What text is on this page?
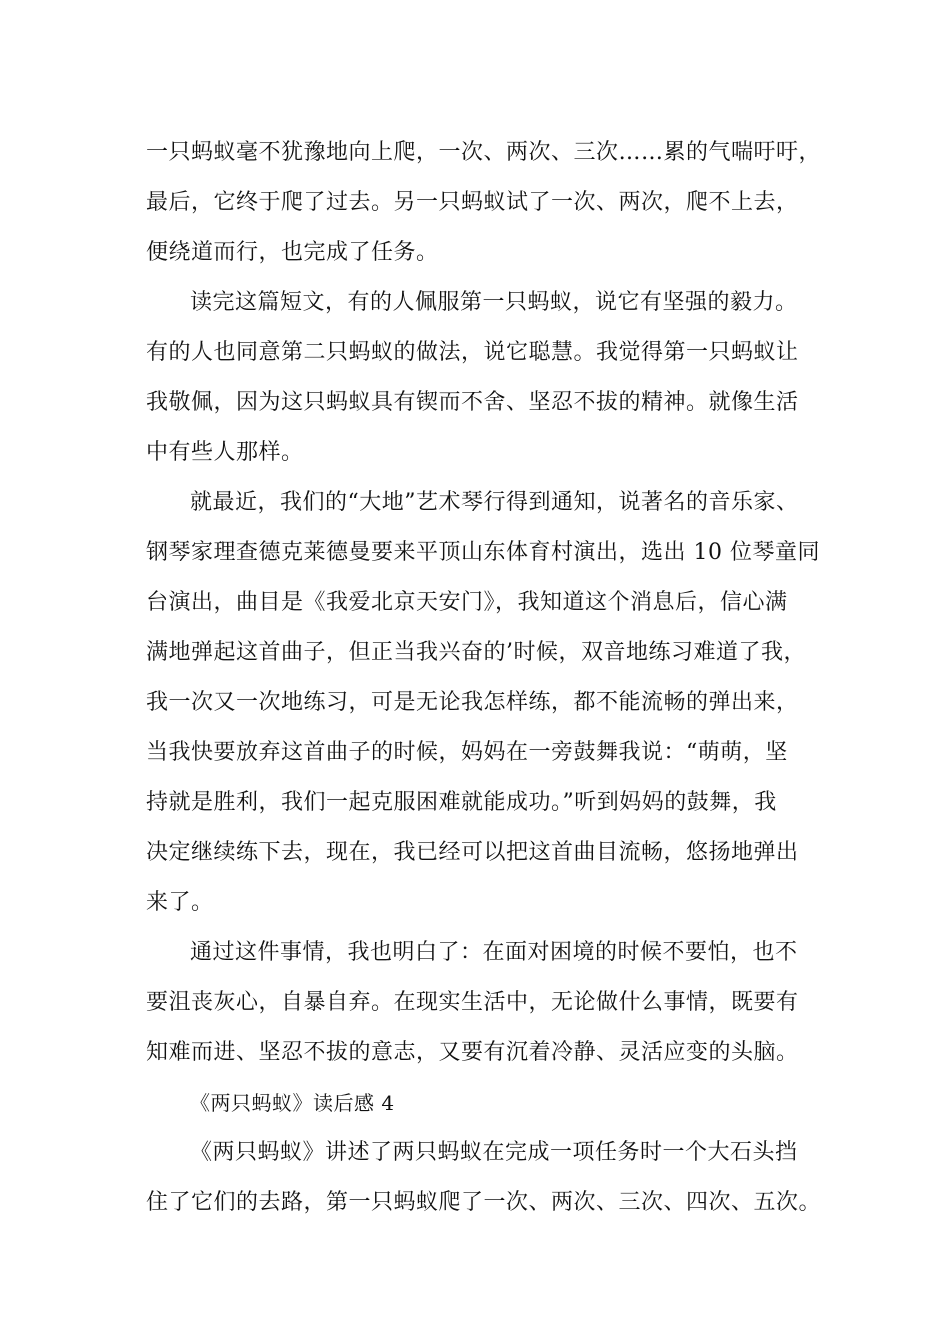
一只蚂蚁毫不犹豫地向上爬，一次、两次、三次……累的气喘吁吁，
最后，它终于爬了过去。另一只蚂蚁试了一次、两次，爬不上去，
便绕道而行，也完成了任务。
读完这篇短文，有的人佩服第一只蚂蚁，说它有坚强的毅力。
有的人也同意第二只蚂蚁的做法，说它聪慧。我觉得第一只蚂蚁让
我敬佩，因为这只蚂蚁具有锲而不舍、坚忍不拔的精神。就像生活
中有些人那样。
就最近，我们的“大地”艺术琴行得到通知，说著名的音乐家、
钢琴家理查德克莱德曼要来平顶山东体育村演出，选出 10 位琴童同
台演出，曲目是《我爱北京天安门》，我知道这个消息后，信心满
满地弹起这首曲子，但正当我兴奋的’时候，双音地练习难道了我，
我一次又一次地练习，可是无论我怎样练，都不能流畅的弹出来，
当我快要放弃这首曲子的时候，妈妈在一旁鼓舞我说：“萌萌，坚
持就是胜利，我们一起克服困难就能成功。”听到妈妈的鼓舞，我
决定继续练下去，现在，我已经可以把这首曲目流畅，悠扬地弹出
来了。
通过这件事情，我也明白了：在面对困境的时候不要怕，也不
要沮丧灰心，自暴自弃。在现实生活中，无论做什么事情，既要有
知难而进、坚忍不拔的意志，又要有沉着冷静、灵活应变的头脑。
《两只蚂蚁》读后感 4
《两只蚂蚁》讲述了两只蚂蚁在完成一项任务时一个大石头挡
住了它们的去路，第一只蚂蚁爬了一次、两次、三次、四次、五次。
